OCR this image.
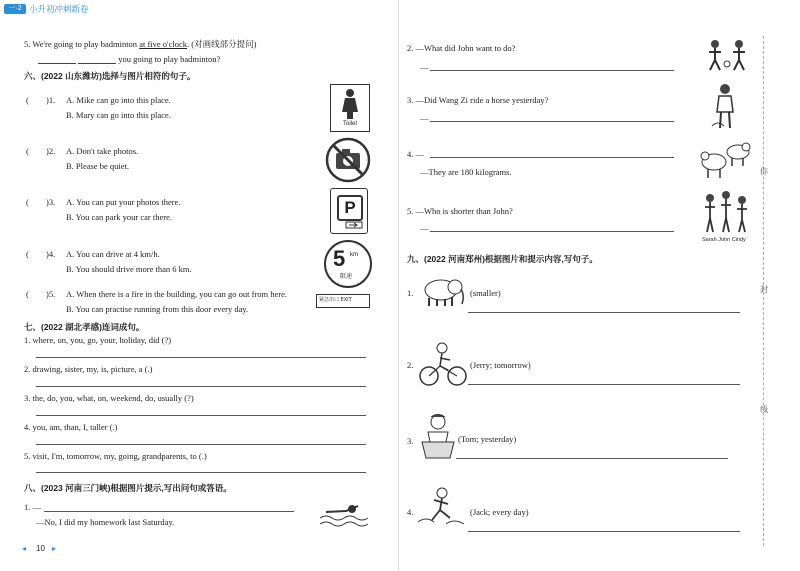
一·2 小升初冲刺新卷
5. We're going to play badminton at five o'clock. (对画线部分提问)
you going to play badminton?
六、(2022 山东潍坊)选择与图片相符的句子。
( )1. A. Mike can go into this place.
B. Mary can go into this place.
( )2. A. Don't take photos.
B. Please be quiet.
( )3. A. You can put your photos there.
B. You can park your car there.
( )4. A. You can drive at 4 km/h.
B. You should drive more than 6 km.
( )5. A. When there is a fire in the building, you can go out from here.
B. You can practise running from this door every day.
Toilet
P
5 km
限速
紧急出口 EXIT
七、(2022 湖北孝感)连词成句。
1. where, on, you, go, your, holiday, did (?)
2. drawing, sister, my, is, picture, a (.)
3. the, do, you, what, on, weekend, do, usually (?)
4. you, am, than, I, taller (.)
5. visit, I'm, tomorrow, my, going, grandparents, to (.)
八、(2023 河南三门峡)根据图片提示,写出问句或答语。
1. —
—No, I did my homework last Saturday.
◂ 10 ▸
2. —What did John want to do?
—
3. —Did Wang Zi ride a horse yesterday?
—
4. —
—They are 180 kilograms.
5. —Who is shorter than John?
—
Sarah John Cindy
九、(2022 河南郑州)根据图片和提示内容,写句子。
1.	(smaller)
2.	(Jerry; tomorrow)
3.	(Tom; yesterday)
4.	(Jack; every day)
你
封
线
